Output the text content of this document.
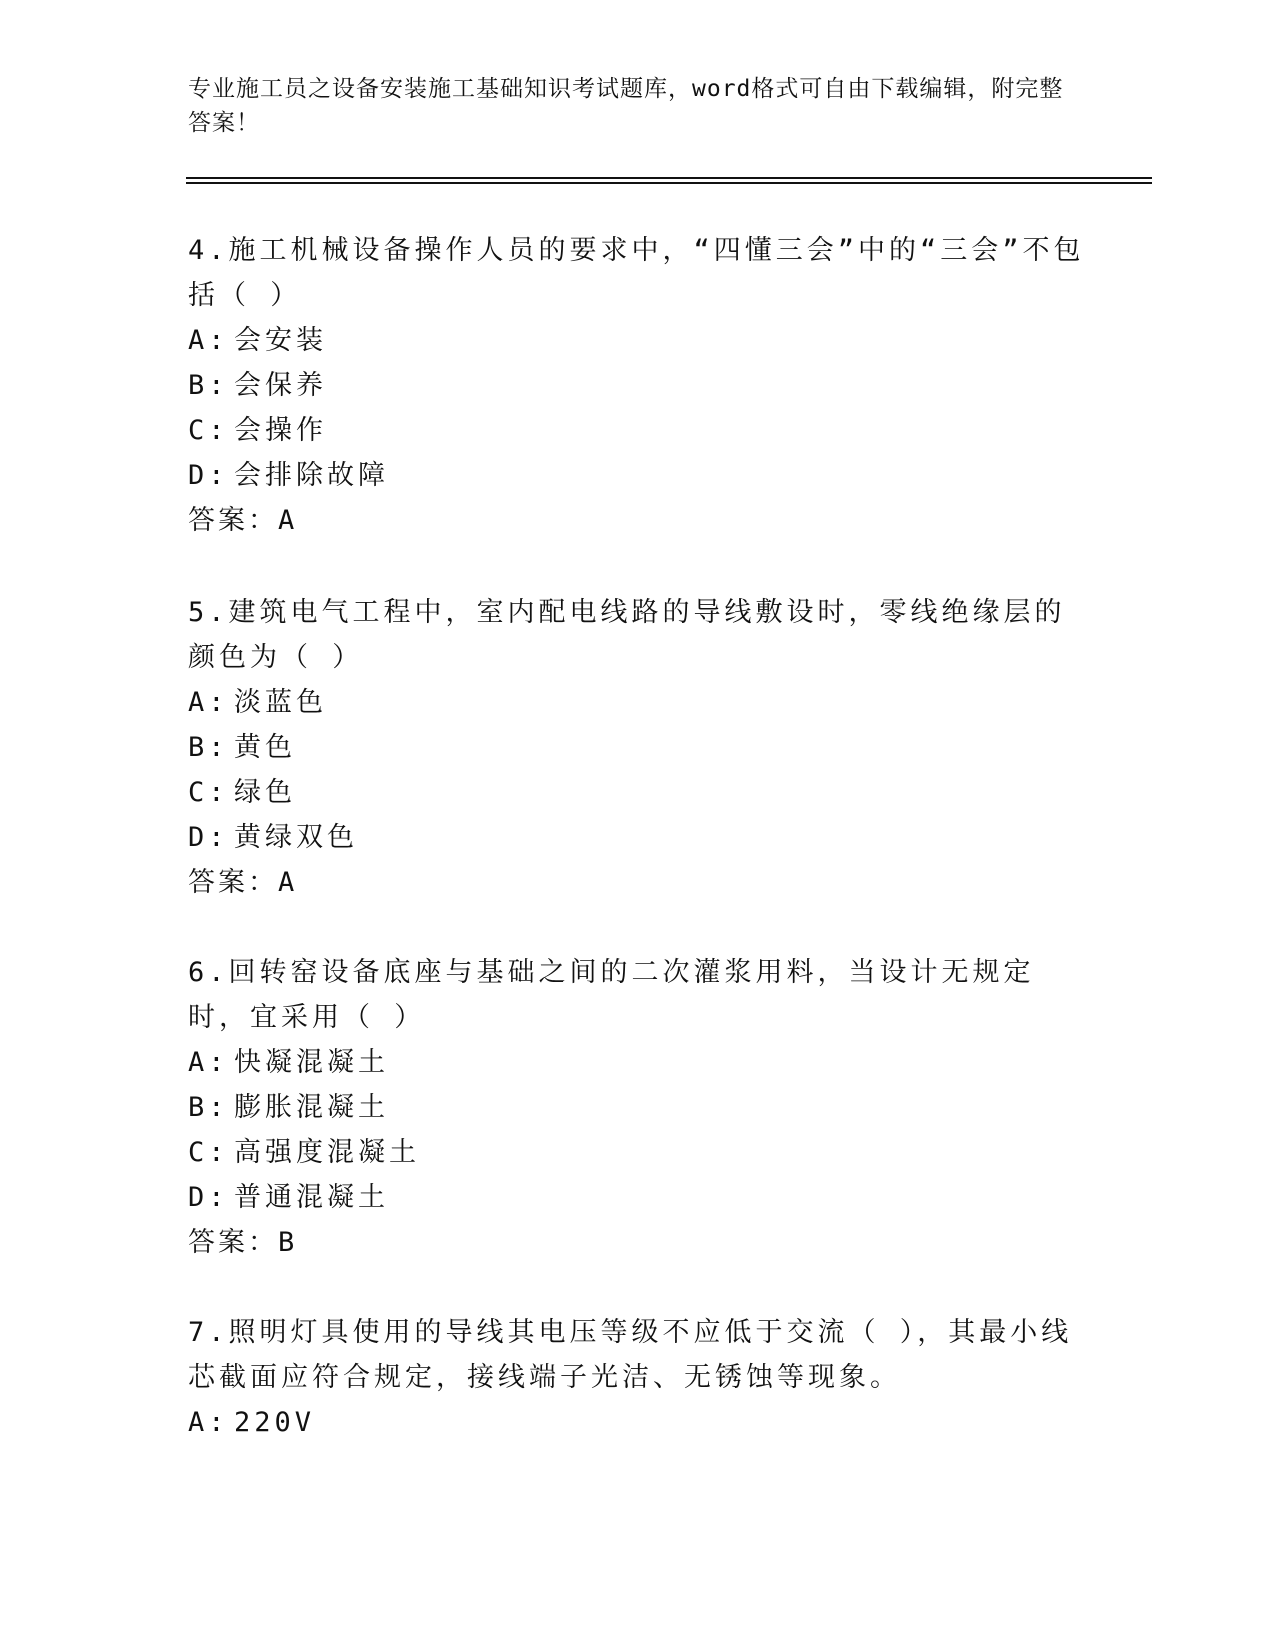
专业施工员之设备安装施工基础知识考试题库，word格式可自由下载编辑，附完整答案！

4.施工机械设备操作人员的要求中，“四懂三会”中的“三会”不包括（ ）

A: 会安装

B: 会保养

C: 会操作

D: 会排除故障

答案：A

5.建筑电气工程中，室内配电线路的导线敷设时，零线绝缘层的颜色为（ ）

A: 淡蓝色

B: 黄色

C: 绿色

D: 黄绿双色

答案：A

6.回转窑设备底座与基础之间的二次灌浆用料，当设计无规定时，宜采用（ ）

A: 快凝混凝土

B: 膨胀混凝土

C: 高强度混凝土

D: 普通混凝土

答案：B

7.照明灯具使用的导线其电压等级不应低于交流（ ），其最小线芯截面应符合规定，接线端子光洁、无锈蚀等现象。

A: 220V
